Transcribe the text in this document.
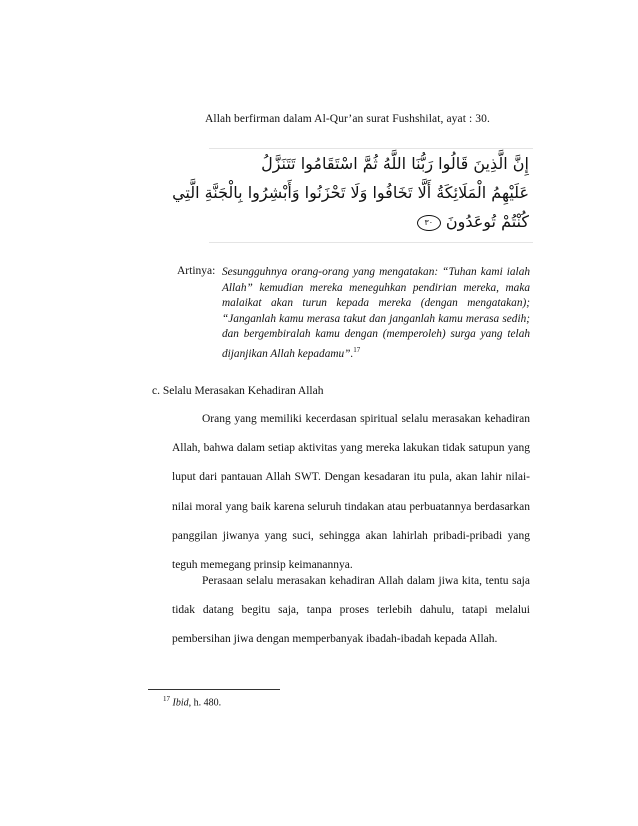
Allah berfirman dalam Al-Qur’an surat Fushshilat, ayat : 30.
إِنَّ الَّذِينَ قَالُوا رَبُّنَا اللَّهُ ثُمَّ اسْتَقَامُوا تَتَنَزَّلُ
عَلَيْهِمُ الْمَلَائِكَةُ أَلَّا تَخَافُوا وَلَا تَحْزَنُوا وَأَبْشِرُوا بِالْجَنَّةِ الَّتِي
كُنْتُمْ تُوعَدُونَ ٣٠
Artinya: Sesungguhnya orang-orang yang mengatakan: “Tuhan kami ialah Allah” kemudian mereka meneguhkan pendirian mereka, maka malaikat akan turun kepada mereka (dengan mengatakan); “Janganlah kamu merasa takut dan janganlah kamu merasa sedih; dan bergembiralah kamu dengan (memperoleh) surga yang telah dijanjikan Allah kepadamu”.$^{17}$
c. Selalu Merasakan Kehadiran Allah
Orang yang memiliki kecerdasan spiritual selalu merasakan kehadiran Allah, bahwa dalam setiap aktivitas yang mereka lakukan tidak satupun yang luput dari pantauan Allah SWT. Dengan kesadaran itu pula, akan lahir nilai-nilai moral yang baik karena seluruh tindakan atau perbuatannya berdasarkan panggilan jiwanya yang suci, sehingga akan lahirlah pribadi-pribadi yang teguh memegang prinsip keimanannya.
Perasaan selalu merasakan kehadiran Allah dalam jiwa kita, tentu saja tidak datang begitu saja, tanpa proses terlebih dahulu, tatapi melalui pembersihan jiwa dengan memperbanyak ibadah-ibadah kepada Allah.
$^{17}$ Ibid, h. 480.
